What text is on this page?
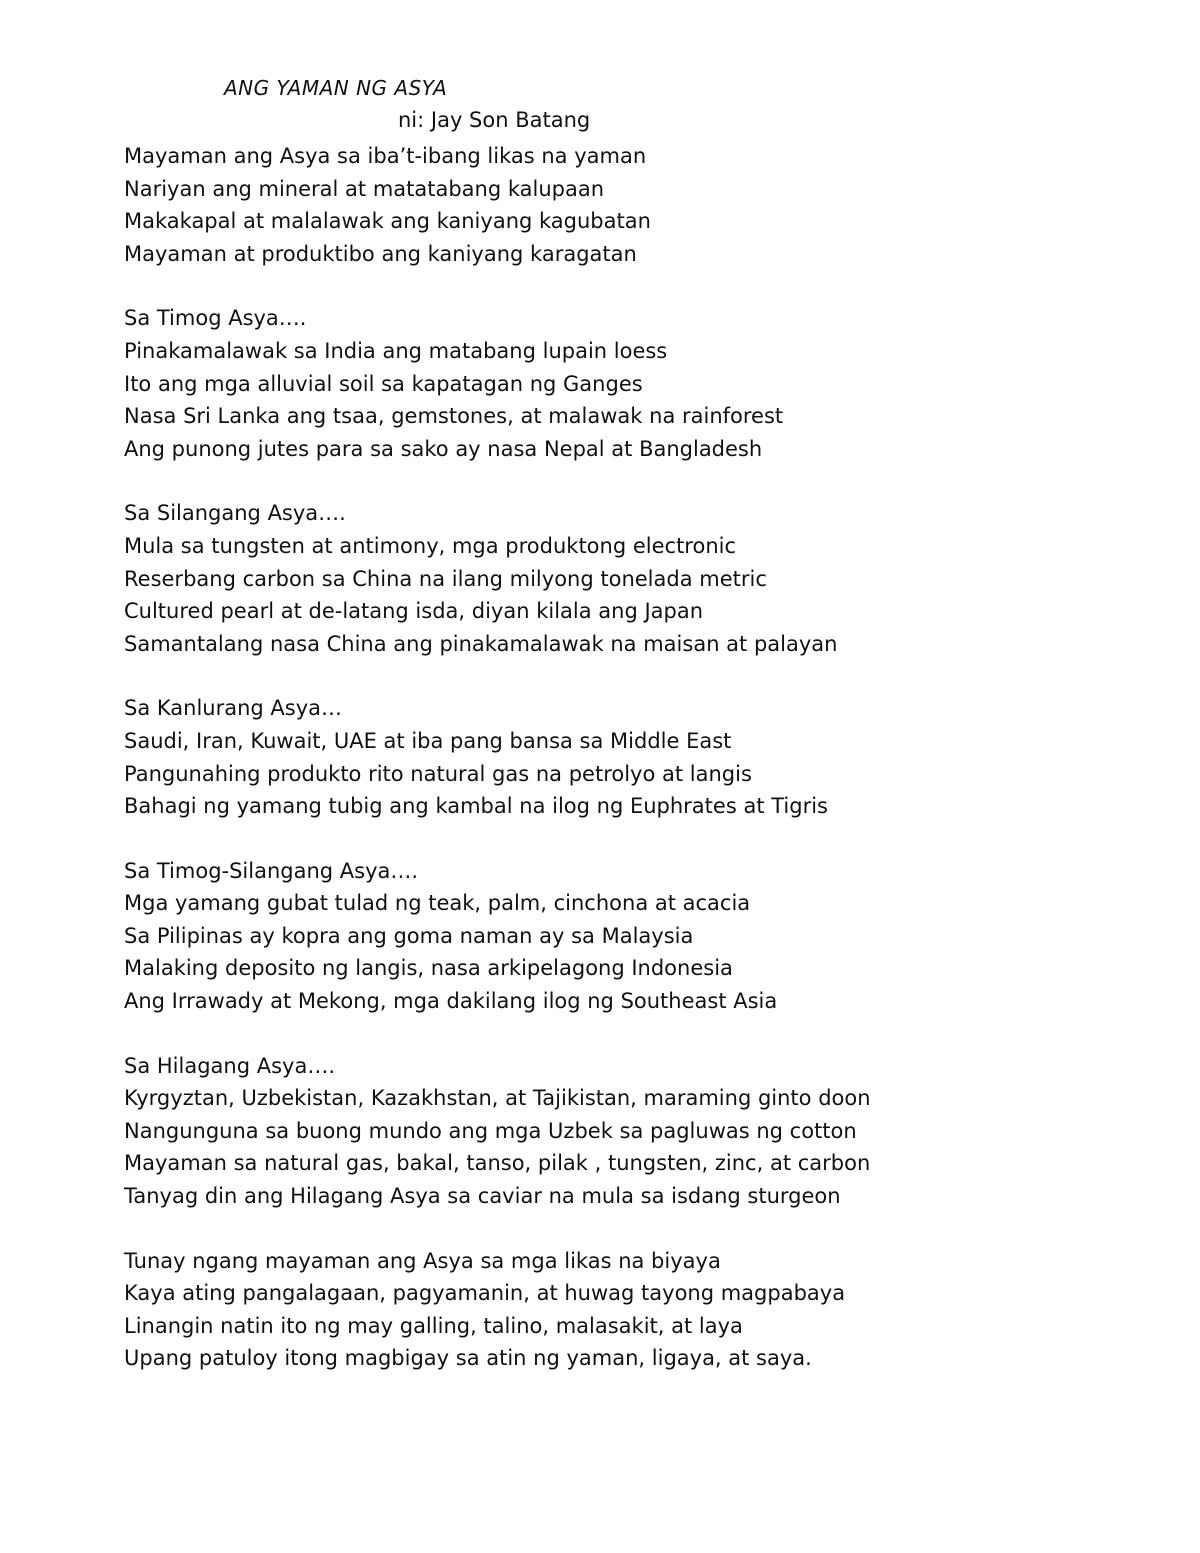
ANG YAMAN NG ASYA

ni: Jay Son Batang

Mayaman ang Asya sa iba’t-ibang likas na yaman

Nariyan ang mineral at matatabang kalupaan

Makakapal at malalawak ang kaniyang kagubatan

Mayaman at produktibo ang kaniyang karagatan

Sa Timog Asya….

Pinakamalawak sa India ang matabang lupain loess

Ito ang mga alluvial soil sa kapatagan ng Ganges

Nasa Sri Lanka ang tsaa, gemstones, at malawak na rainforest

Ang punong jutes para sa sako ay nasa Nepal at Bangladesh

Sa Silangang Asya….

Mula sa tungsten at antimony, mga produktong electronic

Reserbang carbon sa China na ilang milyong tonelada metric

Cultured pearl at de-latang isda, diyan kilala ang Japan

Samantalang nasa China ang pinakamalawak na maisan at palayan

Sa Kanlurang Asya…

Saudi, Iran, Kuwait, UAE at iba pang bansa sa Middle East

Pangunahing produkto rito natural gas na petrolyo at langis

Bahagi ng yamang tubig ang kambal na ilog ng Euphrates at Tigris

Sa Timog-Silangang Asya….

Mga yamang gubat tulad ng teak, palm, cinchona at acacia

Sa Pilipinas ay kopra ang goma naman ay sa Malaysia

Malaking deposito ng langis, nasa arkipelagong Indonesia

Ang Irrawady at Mekong, mga dakilang ilog ng Southeast Asia

Sa Hilagang Asya….

Kyrgyztan, Uzbekistan, Kazakhstan, at Tajikistan, maraming ginto doon

Nangunguna sa buong mundo ang mga Uzbek sa pagluwas ng cotton

Mayaman sa natural gas, bakal, tanso, pilak , tungsten, zinc, at carbon

Tanyag din ang Hilagang Asya sa caviar na mula sa isdang sturgeon

Tunay ngang mayaman ang Asya sa mga likas na biyaya

Kaya ating pangalagaan, pagyamanin, at huwag tayong magpabaya

Linangin natin ito ng may galling, talino, malasakit, at laya

Upang patuloy itong magbigay sa atin ng yaman, ligaya, at saya.
